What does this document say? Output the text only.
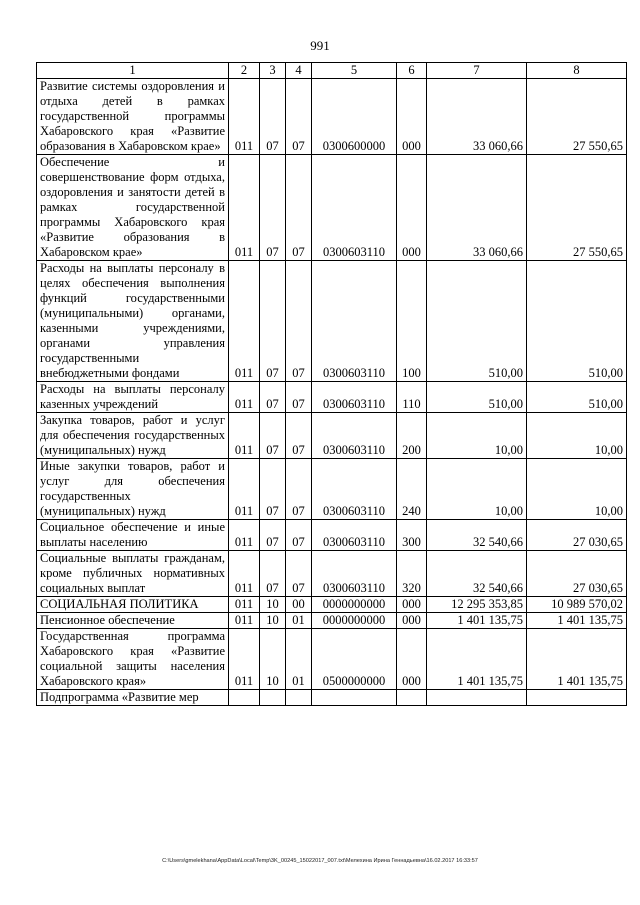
991
1	2	3	4	5	6	7	8
Развитие системы оздоровления и отдыха детей в рамках государственной программы Хабаровского края «Развитие образования в Хабаровском крае»	011	07	07	0300600000	000	33 060,66	27 550,65
Обеспечение и совершенствование форм отдыха, оздоровления и занятости детей в рамках государственной программы Хабаровского края «Развитие образования в Хабаровском крае»	011	07	07	0300603110	000	33 060,66	27 550,65
Расходы на выплаты персоналу в целях обеспечения выполнения функций государственными (муниципальными) органами, казенными учреждениями, органами управления государственными внебюджетными фондами	011	07	07	0300603110	100	510,00	510,00
Расходы на выплаты персоналу казенных учреждений	011	07	07	0300603110	110	510,00	510,00
Закупка товаров, работ и услуг для обеспечения государственных (муниципальных) нужд	011	07	07	0300603110	200	10,00	10,00
Иные закупки товаров, работ и услуг для обеспечения государственных (муниципальных) нужд	011	07	07	0300603110	240	10,00	10,00
Социальное обеспечение и иные выплаты населению	011	07	07	0300603110	300	32 540,66	27 030,65
Социальные выплаты гражданам, кроме публичных нормативных социальных выплат	011	07	07	0300603110	320	32 540,66	27 030,65
СОЦИАЛЬНАЯ ПОЛИТИКА	011	10	00	0000000000	000	12 295 353,85	10 989 570,02
Пенсионное обеспечение	011	10	01	0000000000	000	1 401 135,75	1 401 135,75
Государственная программа Хабаровского края «Развитие социальной защиты населения Хабаровского края»	011	10	01	0500000000	000	1 401 135,75	1 401 135,75
Подпрограмма «Развитие мер							
C:\Users\gmelekhana\AppData\Local\Temp\3K_00245_15022017_007.txt\Мелехина Ирина Геннадьевна\16.02.2017 16:33:57
